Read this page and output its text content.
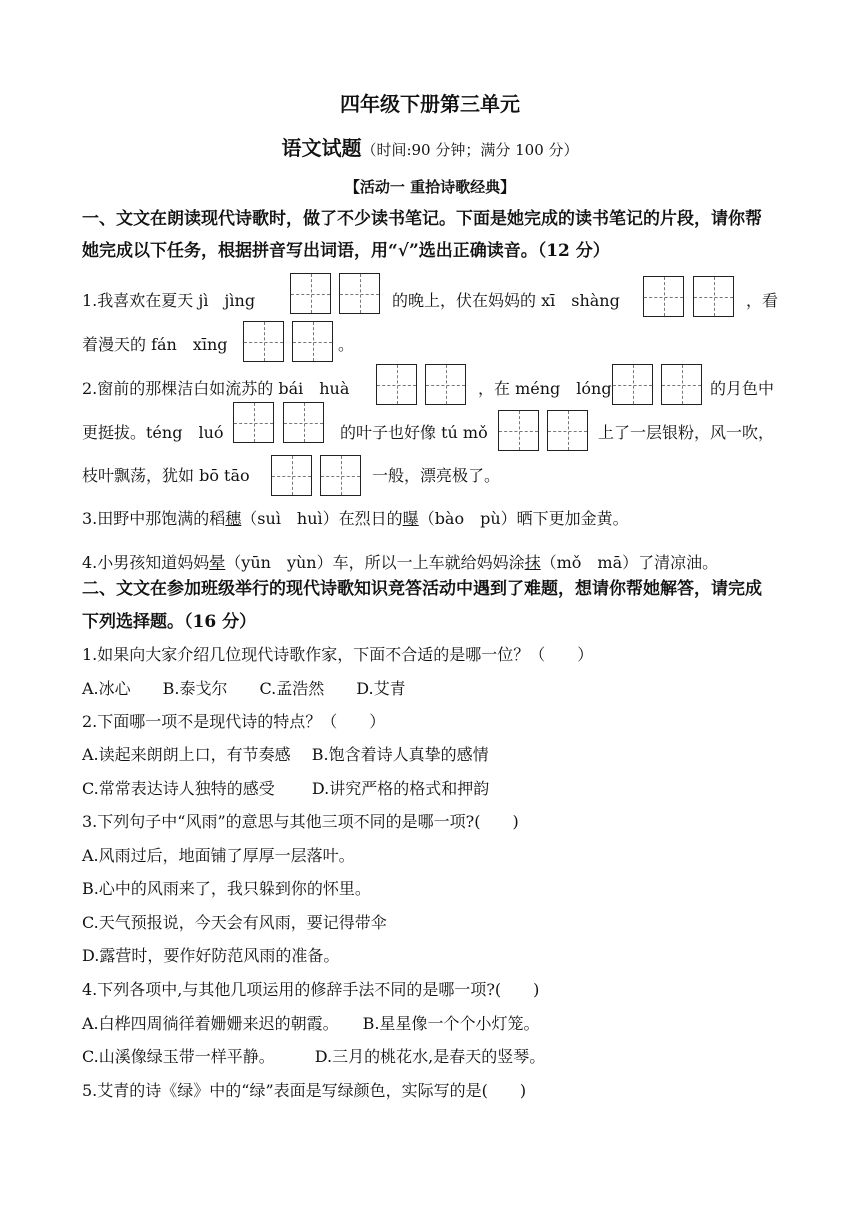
四年级下册第三单元
语文试题（时间:90 分钟；满分 100 分）
【活动一 重拾诗歌经典】
一、文文在朗读现代诗歌时，做了不少读书笔记。下面是她完成的读书笔记的片段，请你帮
她完成以下任务，根据拼音写出词语，用“√”选出正确读音。（12 分）
1.我喜欢在夏天 jì　jìng	的晚上，伏在妈妈的 xī　shàng	，看
着漫天的 fán　xīng	。
2.窗前的那棵洁白如流苏的 bái　huà	，在 méng　lóng	的月色中
更挺拔。téng　luó	的叶子也好像 tú mǒ	上了一层银粉，风一吹，
枝叶飘荡，犹如 bō tāo	一般，漂亮极了。
3.田野中那饱满的稻穗（suì　huì）在烈日的曝（bào　pù）晒下更加金黄。
4.小男孩知道妈妈晕（yūn　yùn）车，所以一上车就给妈妈涂抹（mǒ　mā）了清凉油。
二、文文在参加班级举行的现代诗歌知识竞答活动中遇到了难题，想请你帮她解答，请完成
下列选择题。（16 分）
1.如果向大家介绍几位现代诗歌作家，下面不合适的是哪一位？（　　）
A.冰心　　B.泰戈尔　　C.孟浩然　　D.艾青
2.下面哪一项不是现代诗的特点？（　　）
A.读起来朗朗上口，有节奏感　 B.饱含着诗人真挚的感情
C.常常表达诗人独特的感受　　 D.讲究严格的格式和押韵
3.下列句子中“风雨”的意思与其他三项不同的是哪一项?(　　)
A.风雨过后，地面铺了厚厚一层落叶。
B.心中的风雨来了，我只躲到你的怀里。
C.天气预报说，今天会有风雨，要记得带伞
D.露营时，要作好防范风雨的准备。
4.下列各项中,与其他几项运用的修辞手法不同的是哪一项?(　　)
A.白桦四周徜徉着姗姗来迟的朝霞。　　B.星星像一个个小灯笼。
C.山溪像绿玉带一样平静。　　　D.三月的桃花水,是春天的竖琴。
5.艾青的诗《绿》中的“绿”表面是写绿颜色，实际写的是(　　)
